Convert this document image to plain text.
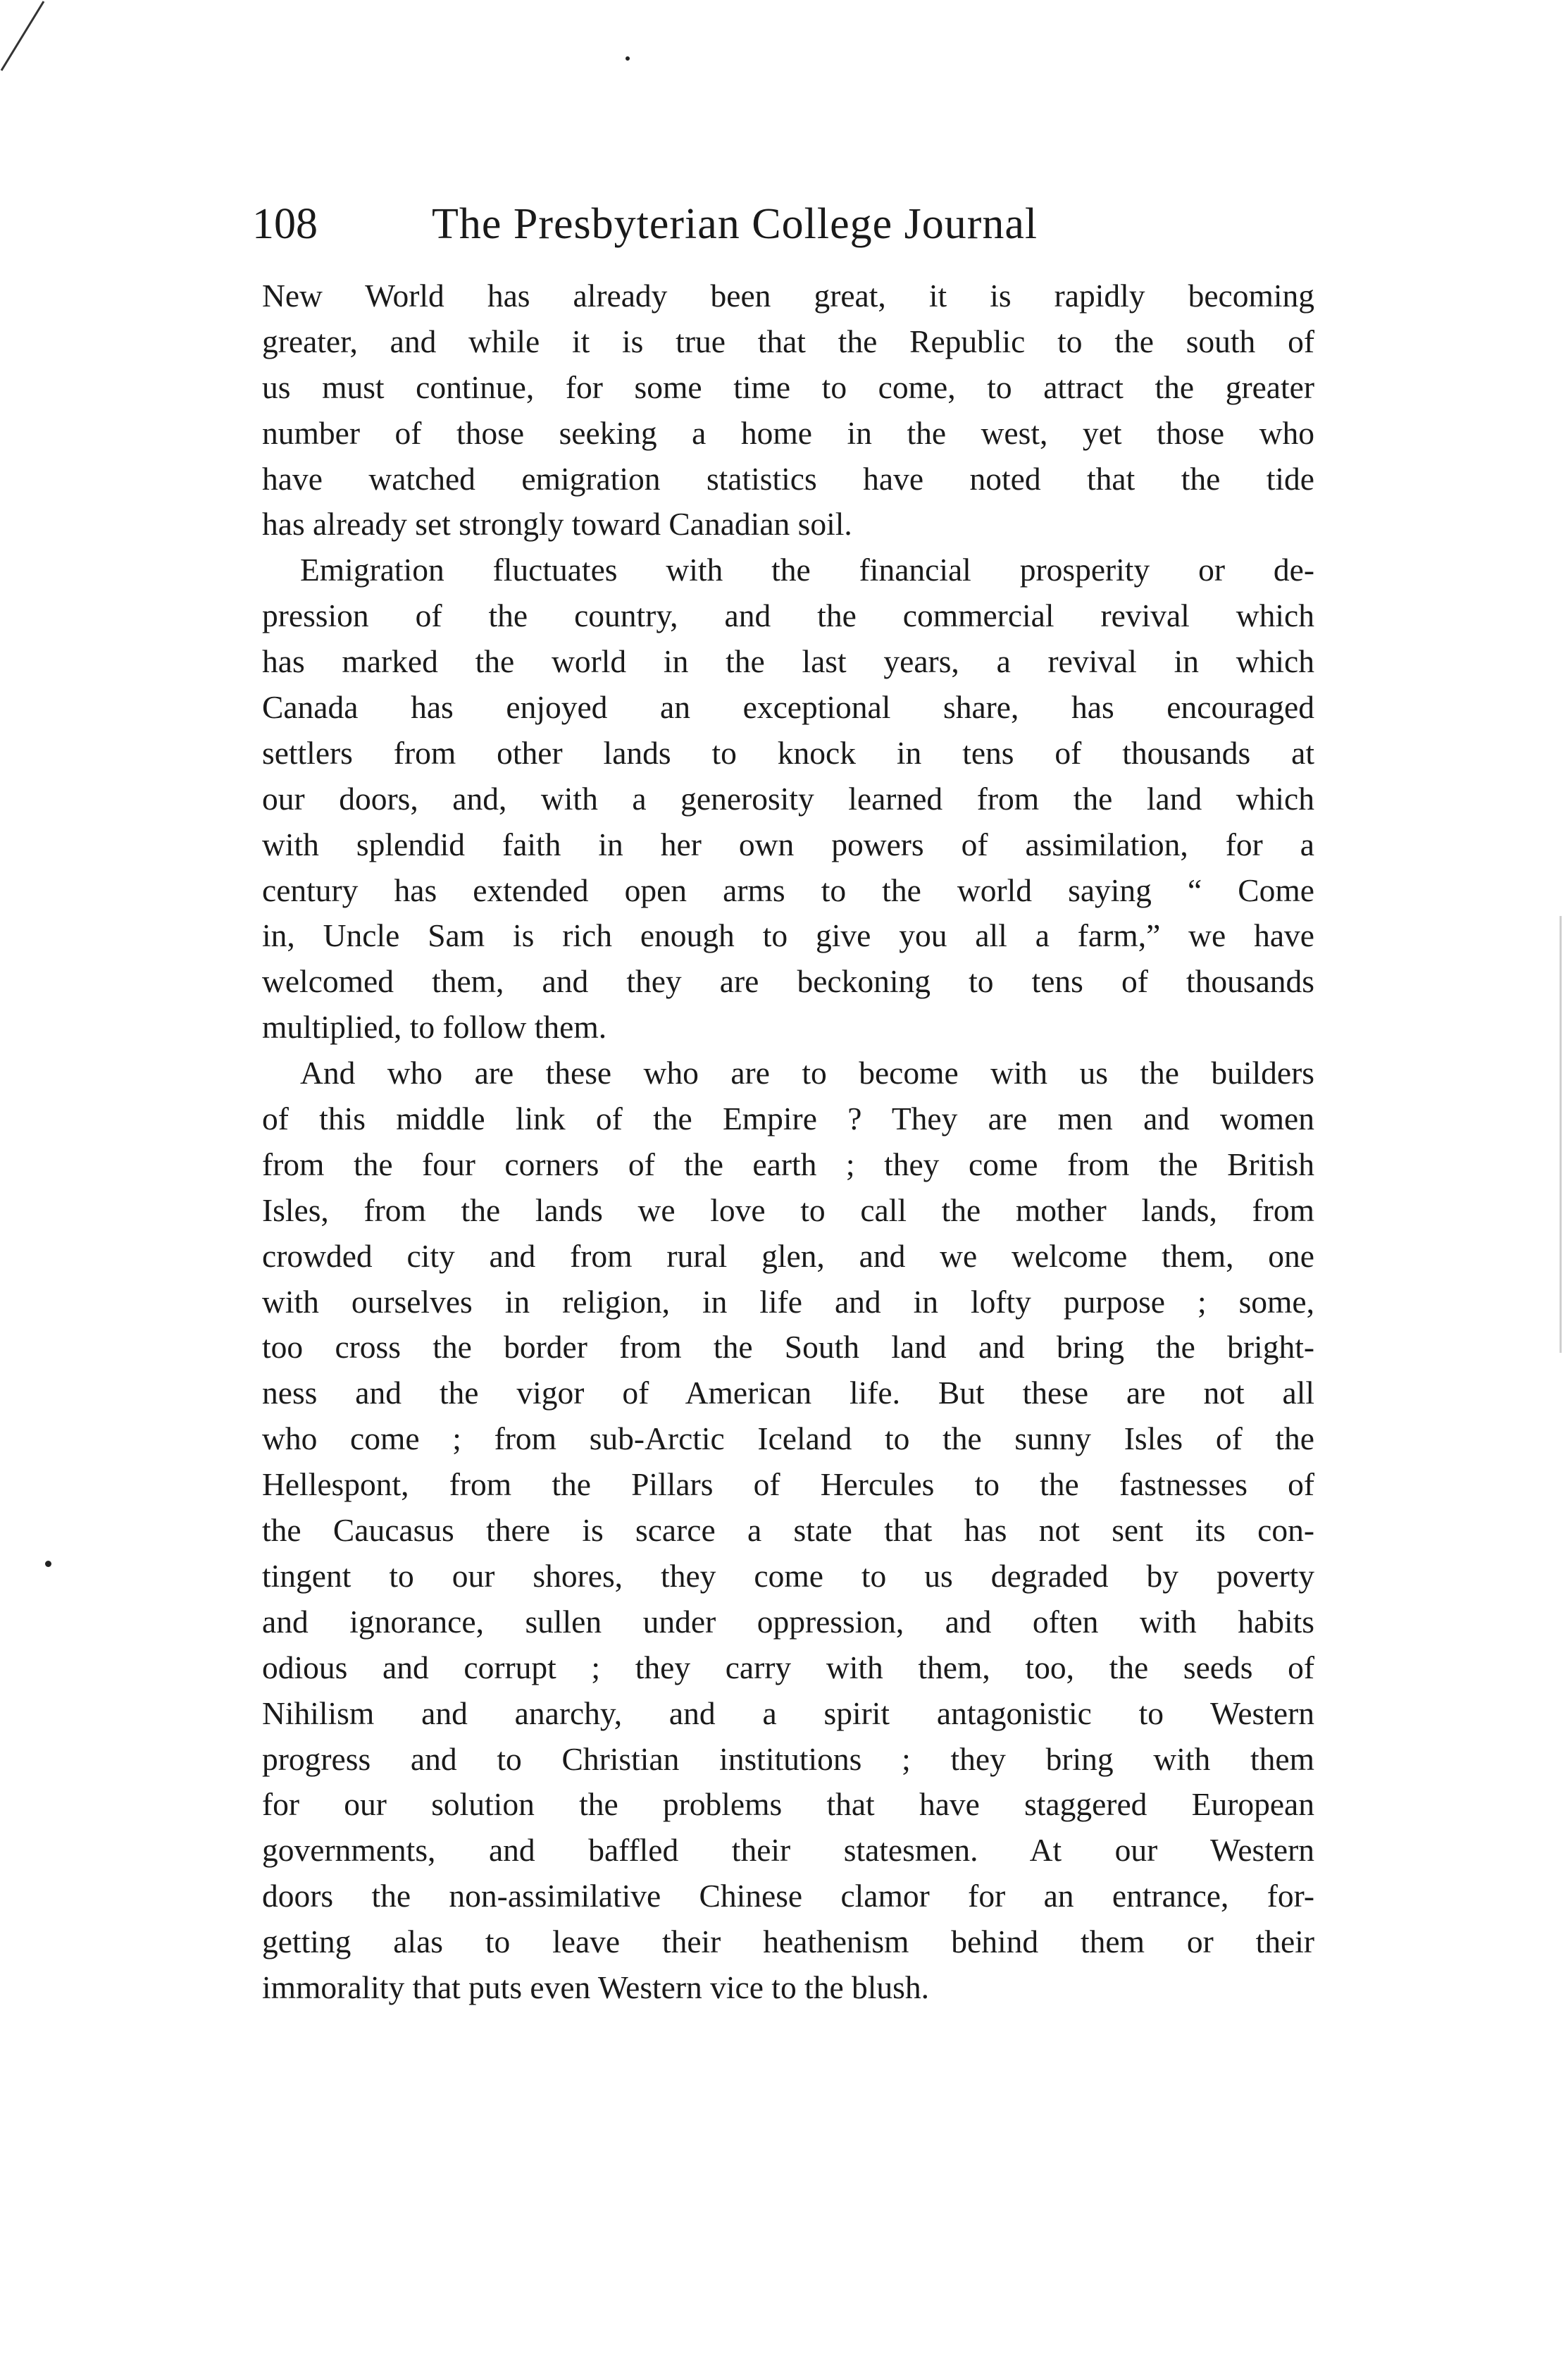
108	The Presbyterian College Journal
New World has already been great, it is rapidly becoming
greater, and while it is true that the Republic to the south of
us must continue, for some time to come, to attract the greater
number of those seeking a home in the west, yet those who
have watched emigration statistics have noted that the tide
has already set strongly toward Canadian soil.
Emigration fluctuates with the financial prosperity or de-
pression of the country, and the commercial revival which
has marked the world in the last years, a revival in which
Canada has enjoyed an exceptional share, has encouraged
settlers from other lands to knock in tens of thousands at
our doors, and, with a generosity learned from the land which
with splendid faith in her own powers of assimilation, for a
century has extended open arms to the world saying “ Come
in, Uncle Sam is rich enough to give you all a farm,” we have
welcomed them, and they are beckoning to tens of thousands
multiplied, to follow them.
And who are these who are to become with us the builders
of this middle link of the Empire ? They are men and women
from the four corners of the earth ; they come from the British
Isles, from the lands we love to call the mother lands, from
crowded city and from rural glen, and we welcome them, one
with ourselves in religion, in life and in lofty purpose ; some,
too cross the border from the South land and bring the bright-
ness and the vigor of American life. But these are not all
who come ; from sub-Arctic Iceland to the sunny Isles of the
Hellespont, from the Pillars of Hercules to the fastnesses of
the Caucasus there is scarce a state that has not sent its con-
tingent to our shores, they come to us degraded by poverty
and ignorance, sullen under oppression, and often with habits
odious and corrupt ; they carry with them, too, the seeds of
Nihilism and anarchy, and a spirit antagonistic to Western
progress and to Christian institutions ; they bring with them
for our solution the problems that have staggered European
governments, and baffled their statesmen. At our Western
doors the non-assimilative Chinese clamor for an entrance, for-
getting alas to leave their heathenism behind them or their
immorality that puts even Western vice to the blush.
